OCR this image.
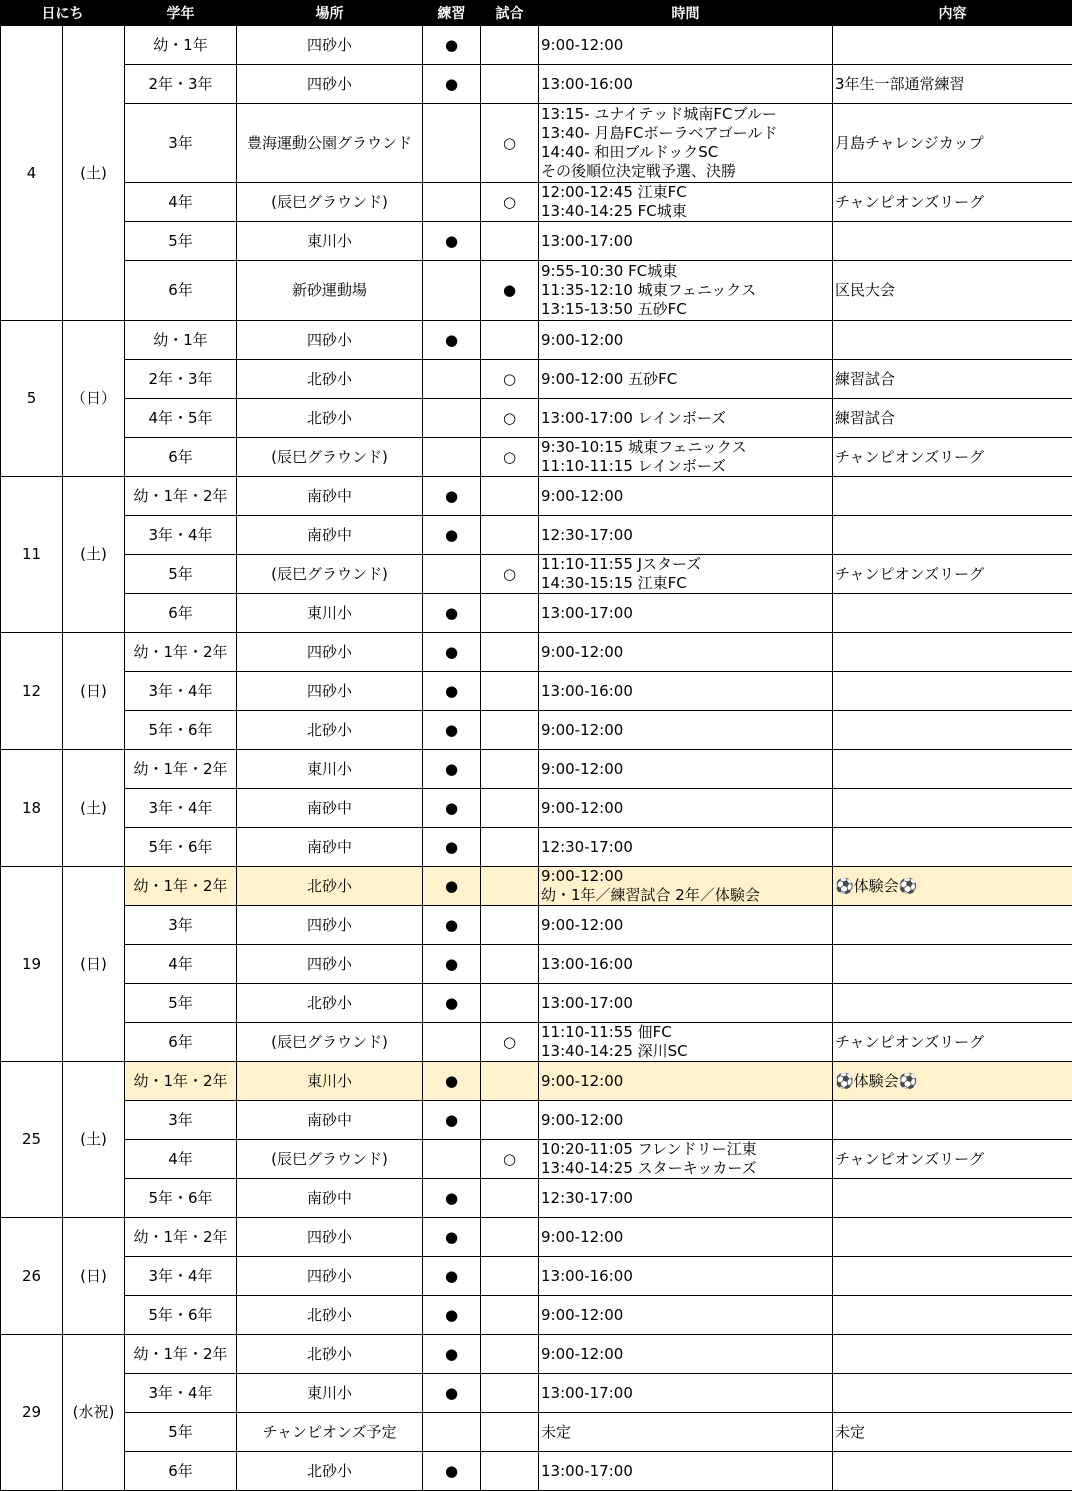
日にち		学年	場所	練習	試合	時間	内容
4	(土)	幼・1年	四砂小	●		9:00-12:00	

		2年・3年	四砂小	●		13:00-16:00	3年生一部通常練習
		3年	豊海運動公園グラウンド		○	13:15- ユナイテッド城南FCブルー
13:40- 月島FCボーラベアゴールド
14:40- 和田ブルドックSC
その後順位決定戦予選、決勝	月島チャレンジカップ
		4年	(辰巳グラウンド)		○	12:00-12:45 江東FC
13:40-14:25 FC城東	チャンピオンズリーグ
		5年	東川小	●		13:00-17:00	

		6年	新砂運動場		●	9:55-10:30 FC城東
11:35-12:10 城東フェニックス
13:15-13:50 五砂FC	区民大会
5	（日）	幼・1年	四砂小	●		9:00-12:00	

		2年・3年	北砂小		○	9:00-12:00 五砂FC	練習試合
		4年・5年	北砂小		○	13:00-17:00 レインボーズ	練習試合
		6年	(辰巳グラウンド)		○	9:30-10:15 城東フェニックス
11:10-11:15 レインボーズ	チャンピオンズリーグ
11	(土)	幼・1年・2年	南砂中	●		9:00-12:00	

		3年・4年	南砂中	●		12:30-17:00	

		5年	(辰巳グラウンド)		○	11:10-11:55 Jスターズ
14:30-15:15 江東FC	チャンピオンズリーグ
		6年	東川小	●		13:00-17:00	

12	(日)	幼・1年・2年	四砂小	●		9:00-12:00	

		3年・4年	四砂小	●		13:00-16:00	

		5年・6年	北砂小	●		9:00-12:00	

18	(土)	幼・1年・2年	東川小	●		9:00-12:00	

		3年・4年	南砂中	●		9:00-12:00	

		5年・6年	南砂中	●		12:30-17:00	

19	(日)	幼・1年・2年	北砂小	●		9:00-12:00
幼・1年／練習試合 2年／体験会	⚽体験会⚽
		3年	四砂小	●		9:00-12:00	

		4年	四砂小	●		13:00-16:00	

		5年	北砂小	●		13:00-17:00	

		6年	(辰巳グラウンド)		○	11:10-11:55 佃FC
13:40-14:25 深川SC	チャンピオンズリーグ
25	(土)	幼・1年・2年	東川小	●		9:00-12:00	⚽体験会⚽
		3年	南砂中	●		9:00-12:00	

		4年	(辰巳グラウンド)		○	10:20-11:05 フレンドリー江東
13:40-14:25 スターキッカーズ	チャンピオンズリーグ
		5年・6年	南砂中	●		12:30-17:00	

26	(日)	幼・1年・2年	四砂小	●		9:00-12:00	

		3年・4年	四砂小	●		13:00-16:00	

		5年・6年	北砂小	●		9:00-12:00	

29	(水祝)	幼・1年・2年	北砂小	●		9:00-12:00	

		3年・4年	東川小	●		13:00-17:00	

		5年	チャンピオンズ予定			未定	未定
		6年	北砂小	●		13:00-17:00	
